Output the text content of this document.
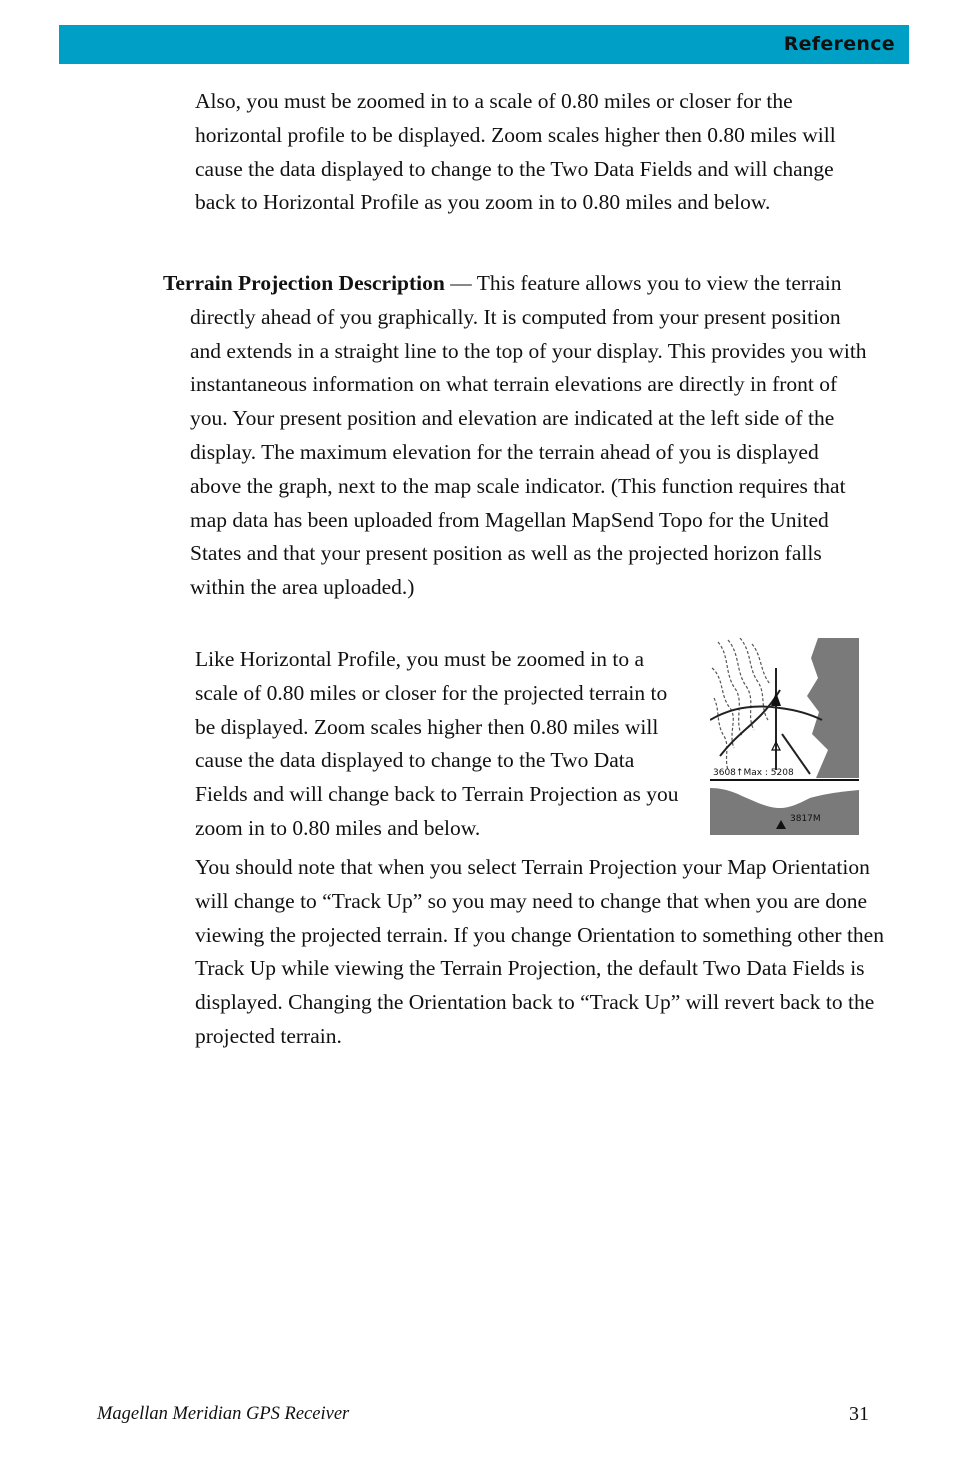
Reference

Also, you must be zoomed in to a scale of 0.80 miles or closer for the horizontal profile to be displayed. Zoom scales higher then 0.80 miles will cause the data displayed to change to the Two Data Fields and will change back to Horizontal Profile as you zoom in to 0.80 miles and below.

Terrain Projection Description — This feature allows you to view the terrain directly ahead of you graphically. It is computed from your present position and extends in a straight line to the top of your display. This provides you with instantaneous information on what terrain elevations are directly in front of you. Your present position and elevation are indicated at the left side of the display. The maximum elevation for the terrain ahead of you is displayed above the graph, next to the map scale indicator. (This function requires that map data has been uploaded from Magellan MapSend Topo for the United States and that your present position as well as the projected horizon falls within the area uploaded.)

Like Horizontal Profile, you must be zoomed in to a scale of 0.80 miles or closer for the projected terrain to be displayed. Zoom scales higher then 0.80 miles will cause the data displayed to change to the Two Data Fields and will change back to Terrain Projection as you zoom in to 0.80 miles and below.

3608↑Max : 5208
3817M

You should note that when you select Terrain Projection your Map Orientation will change to “Track Up” so you may need to change that when you are done viewing the projected terrain. If you change Orientation to something other then Track Up while viewing the Terrain Projection, the default Two Data Fields is displayed. Changing the Orientation back to “Track Up” will revert back to the projected terrain.

Magellan Meridian GPS Receiver	31
